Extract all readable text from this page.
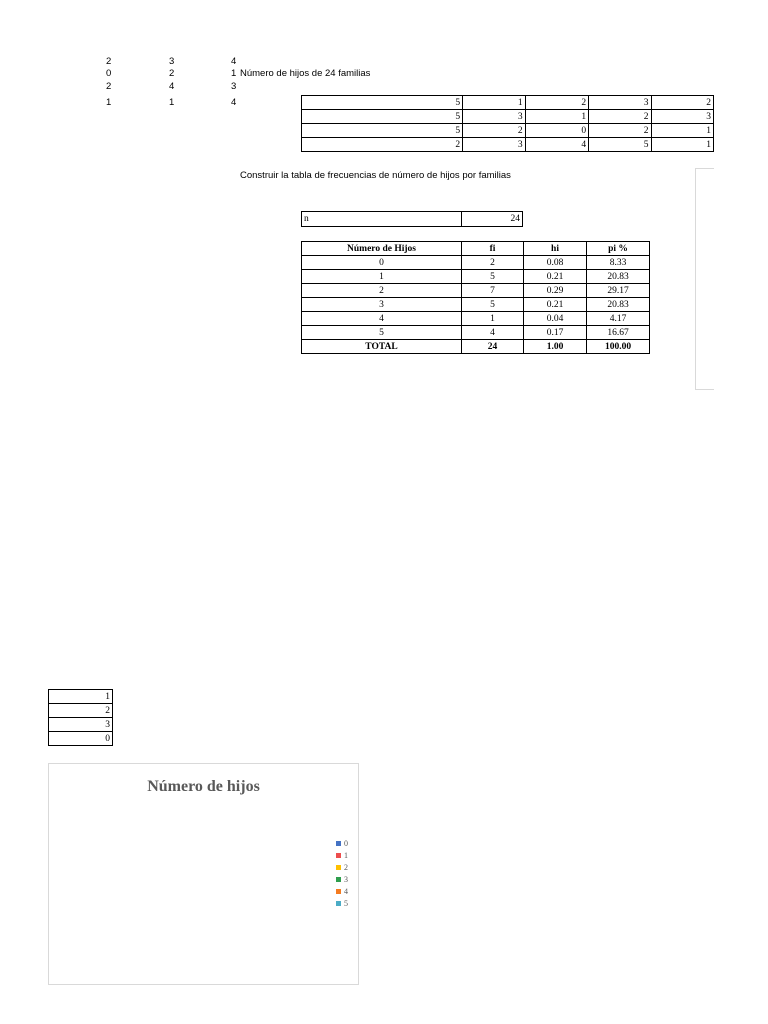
2	3	4
0	2	1
2	4	3
1	1	4
Número de hijos de 24 familias
5	1	2	3	2
5	3	1	2	3
5	2	0	2	1
2	3	4	5	1
Construir la tabla de frecuencias de número de hijos por familias
n	24
Número de Hijos	fi	hi	pi %
0	2	0.08	8.33
1	5	0.21	20.83
2	7	0.29	29.17
3	5	0.21	20.83
4	1	0.04	4.17
5	4	0.17	16.67
TOTAL	24	1.00	100.00
1
2
3
0
Número de hijos
0
1
2
3
4
5
